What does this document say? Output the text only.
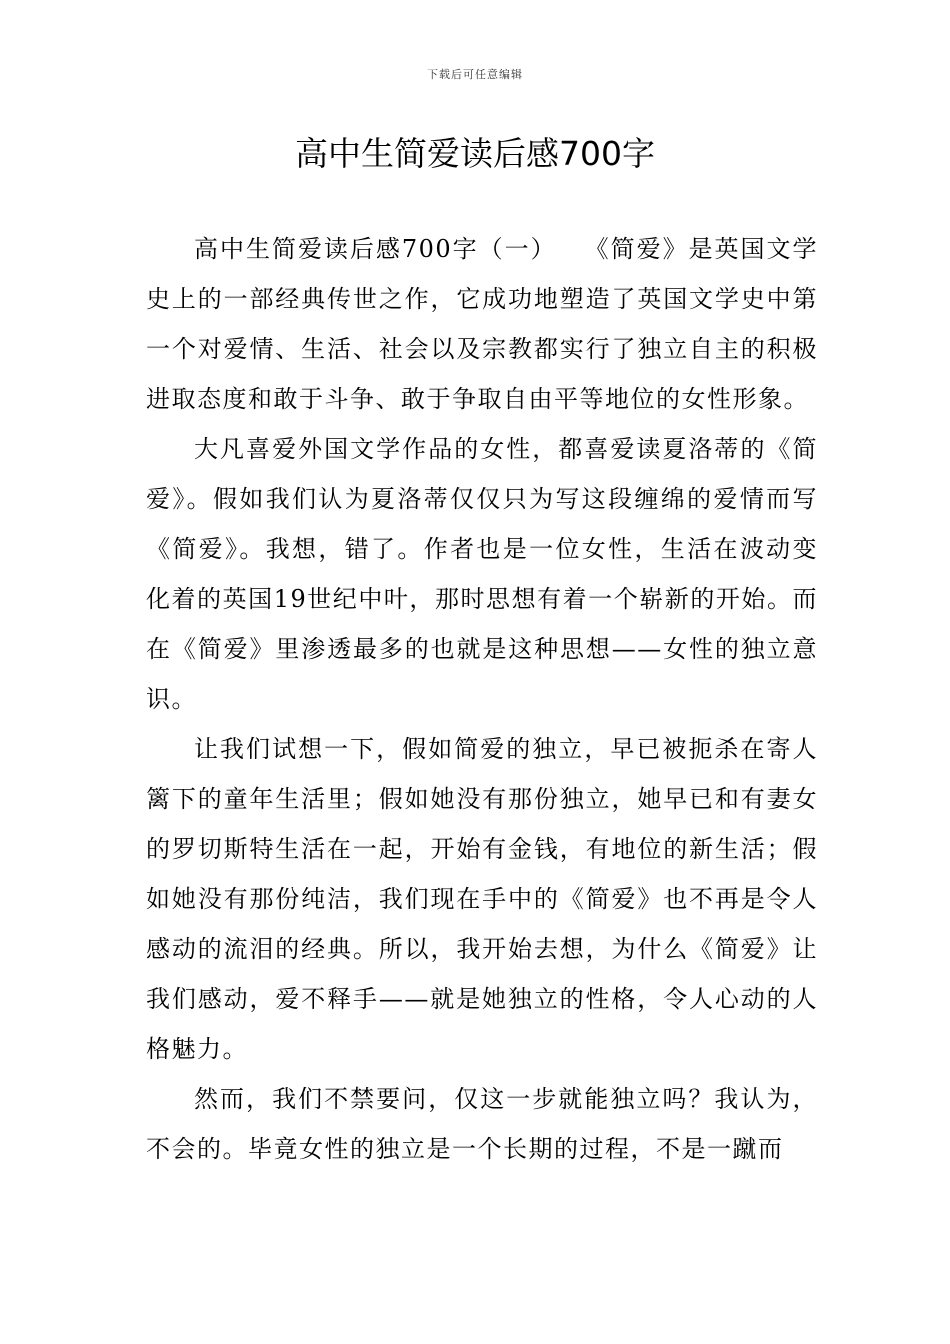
下载后可任意编辑
高中生简爱读后感700字

高中生简爱读后感700字（一）　　《简爱》是英国文学史上的一部经典传世之作，它成功地塑造了英国文学史中第一个对爱情、生活、社会以及宗教都实行了独立自主的积极进取态度和敢于斗争、敢于争取自由平等地位的女性形象。

大凡喜爱外国文学作品的女性，都喜爱读夏洛蒂的《简爱》。假如我们认为夏洛蒂仅仅只为写这段缠绵的爱情而写《简爱》。我想，错了。作者也是一位女性，生活在波动变化着的英国19世纪中叶，那时思想有着一个崭新的开始。而在《简爱》里渗透最多的也就是这种思想——女性的独立意识。

让我们试想一下，假如简爱的独立，早已被扼杀在寄人篱下的童年生活里；假如她没有那份独立，她早已和有妻女的罗切斯特生活在一起，开始有金钱，有地位的新生活；假如她没有那份纯洁，我们现在手中的《简爱》也不再是令人感动的流泪的经典。所以，我开始去想，为什么《简爱》让我们感动，爱不释手——就是她独立的性格，令人心动的人格魅力。

然而，我们不禁要问，仅这一步就能独立吗？我认为，不会的。毕竟女性的独立是一个长期的过程，不是一蹴而
